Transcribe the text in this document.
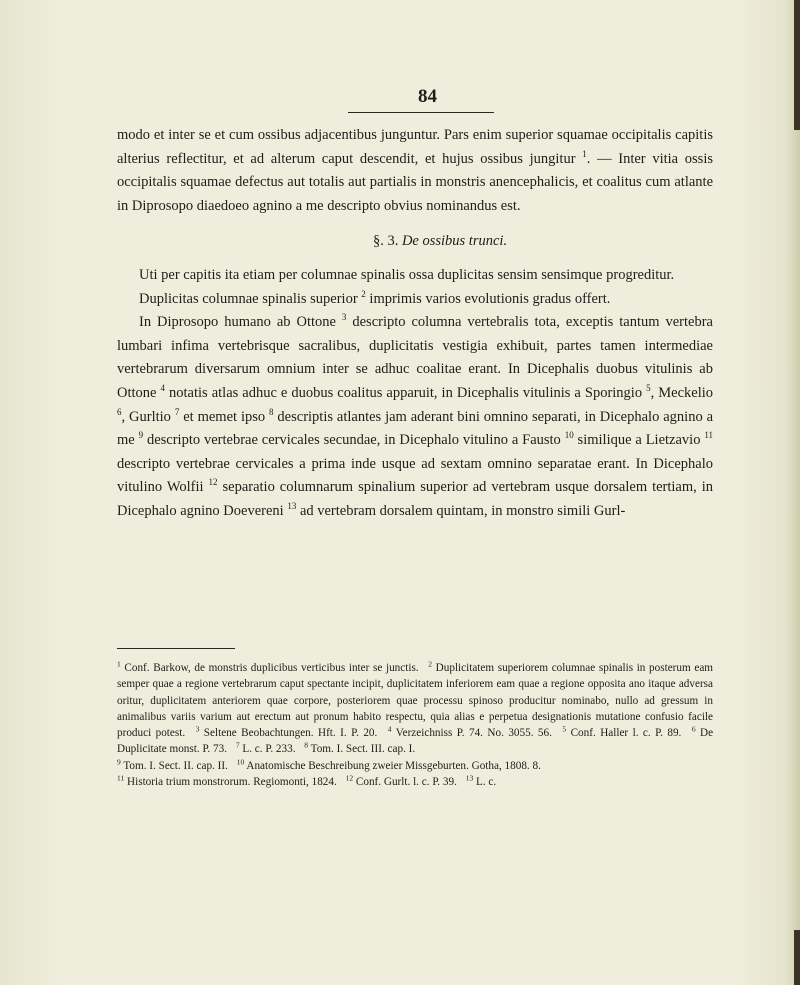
84

modo et inter se et cum ossibus adjacentibus junguntur. Pars enim superior squamae occipitalis capitis alterius reflectitur, et ad alterum caput descendit, et hujus ossibus jungitur $^1$. — Inter vitia ossis occipitalis squamae defectus aut totalis aut partialis in monstris anencephalicis, et coalitus cum atlante in Diprosopo diaedoeo agnino a me descripto obvius nominandus est.

§. 3. De ossibus trunci.

Uti per capitis ita etiam per columnae spinalis ossa duplicitas sensim sensimque progreditur.

Duplicitas columnae spinalis superior $^2$ imprimis varios evolutionis gradus offert.

In Diprosopo humano ab Ottone $^3$ descripto columna vertebralis tota, exceptis tantum vertebra lumbari infima vertebrisque sacralibus, duplicitatis vestigia exhibuit, partes tamen intermediae vertebrarum diversarum omnium inter se adhuc coalitae erant. In Dicephalis duobus vitulinis ab Ottone $^4$ notatis atlas adhuc e duobus coalitus apparuit, in Dicephalis vitulinis a Sporingio $^5$, Meckelio $^6$, Gurltio $^7$ et memet ipso $^8$ descriptis atlantes jam aderant bini omnino separati, in Dicephalo agnino a me $^9$ descripto vertebrae cervicales secundae, in Dicephalo vitulino a Fausto $^{10}$ similique a Lietzavio $^{11}$ descripto vertebrae cervicales a prima inde usque ad sextam omnino separatae erant. In Dicephalo vitulino Wolfii $^{12}$ separatio columnarum spinalium superior ad vertebram usque dorsalem tertiam, in Dicephalo agnino Doevereni $^{13}$ ad vertebram dorsalem quintam, in monstro simili Gurl-

$^1$ Conf. Barkow, de monstris duplicibus verticibus inter se junctis. $^2$ Duplicitatem superiorem columnae spinalis in posterum eam semper quae a regione vertebrarum caput spectante incipit, duplicitatem inferiorem eam quae a regione opposita ano itaque adversa oritur, duplicitatem anteriorem quae corpore, posteriorem quae processu spinoso producitur nominabo, nullo ad gressum in animalibus variis varium aut erectum aut pronum habito respectu, quia alias e perpetua designationis mutatione confusio facile produci potest. $^3$ Seltene Beobachtungen. Hft. I. P. 20. $^4$ Verzeichniss P. 74. No. 3055. 56. $^5$ Conf. Haller l. c. P. 89. $^6$ De Duplicitate monst. P. 73. $^7$ L. c. P. 233. $^8$ Tom. I. Sect. III. cap. I.
$^9$ Tom. I. Sect. II. cap. II. $^{10}$ Anatomische Beschreibung zweier Missgeburten. Gotha, 1808. 8.
$^{11}$ Historia trium monstrorum. Regiomonti, 1824. $^{12}$ Conf. Gurlt. l. c. P. 39. $^{13}$ L. c.
